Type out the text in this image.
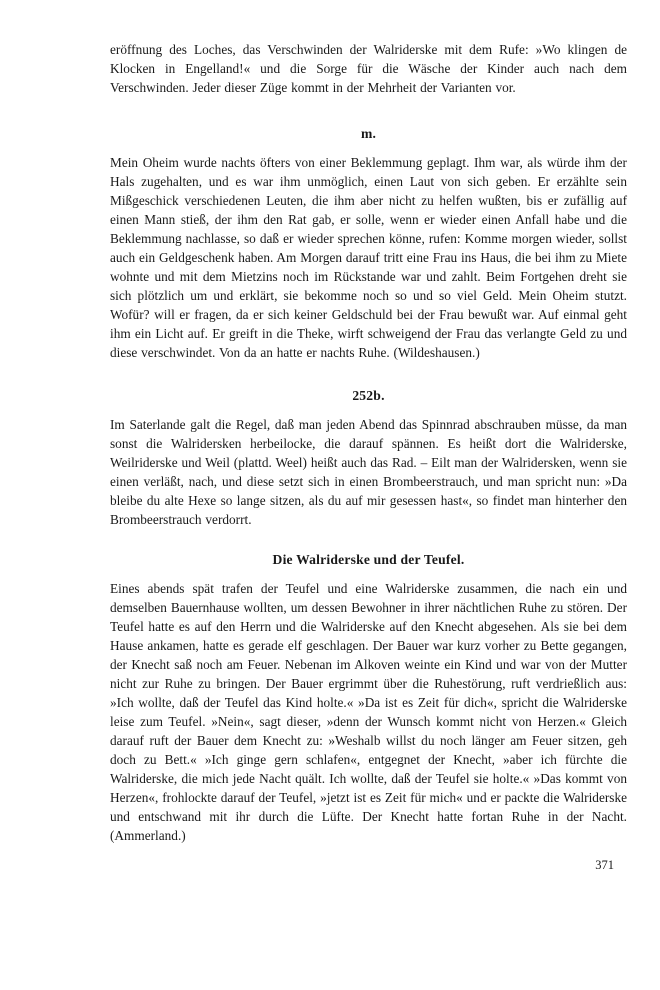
eröffnung des Loches, das Verschwinden der Walriderske mit dem Rufe: »Wo klingen de Klocken in Engelland!« und die Sorge für die Wäsche der Kinder auch nach dem Verschwinden. Jeder dieser Züge kommt in der Mehrheit der Varianten vor.

m.

Mein Oheim wurde nachts öfters von einer Beklemmung geplagt. Ihm war, als würde ihm der Hals zugehalten, und es war ihm unmöglich, einen Laut von sich geben. Er erzählte sein Mißgeschick verschiedenen Leuten, die ihm aber nicht zu helfen wußten, bis er zufällig auf einen Mann stieß, der ihm den Rat gab, er solle, wenn er wieder einen Anfall habe und die Beklemmung nachlasse, so daß er wieder sprechen könne, rufen: Komme morgen wieder, sollst auch ein Geldgeschenk haben. Am Morgen darauf tritt eine Frau ins Haus, die bei ihm zu Miete wohnte und mit dem Mietzins noch im Rückstande war und zahlt. Beim Fortgehen dreht sie sich plötzlich um und erklärt, sie bekomme noch so und so viel Geld. Mein Oheim stutzt. Wofür? will er fragen, da er sich keiner Geldschuld bei der Frau bewußt war. Auf einmal geht ihm ein Licht auf. Er greift in die Theke, wirft schweigend der Frau das verlangte Geld zu und diese verschwindet. Von da an hatte er nachts Ruhe. (Wildeshausen.)

252b.

Im Saterlande galt die Regel, daß man jeden Abend das Spinnrad abschrauben müsse, da man sonst die Walridersken herbeilocke, die darauf spännen. Es heißt dort die Walriderske, Weilriderske und Weil (plattd. Weel) heißt auch das Rad. – Eilt man der Walridersken, wenn sie einen verläßt, nach, und diese setzt sich in einen Brombeerstrauch, und man spricht nun: »Da bleibe du alte Hexe so lange sitzen, als du auf mir gesessen hast«, so findet man hinterher den Brombeerstrauch verdorrt.

Die Walriderske und der Teufel.

Eines abends spät trafen der Teufel und eine Walriderske zusammen, die nach ein und demselben Bauernhause wollten, um dessen Bewohner in ihrer nächtlichen Ruhe zu stören. Der Teufel hatte es auf den Herrn und die Walriderske auf den Knecht abgesehen. Als sie bei dem Hause ankamen, hatte es gerade elf geschlagen. Der Bauer war kurz vorher zu Bette gegangen, der Knecht saß noch am Feuer. Nebenan im Alkoven weinte ein Kind und war von der Mutter nicht zur Ruhe zu bringen. Der Bauer ergrimmt über die Ruhestörung, ruft verdrießlich aus: »Ich wollte, daß der Teufel das Kind holte.« »Da ist es Zeit für dich«, spricht die Walriderske leise zum Teufel. »Nein«, sagt dieser, »denn der Wunsch kommt nicht von Herzen.« Gleich darauf ruft der Bauer dem Knecht zu: »Weshalb willst du noch länger am Feuer sitzen, geh doch zu Bett.« »Ich ginge gern schlafen«, entgegnet der Knecht, »aber ich fürchte die Walriderske, die mich jede Nacht quält. Ich wollte, daß der Teufel sie holte.« »Das kommt von Herzen«, frohlockte darauf der Teufel, »jetzt ist es Zeit für mich« und er packte die Walriderske und entschwand mit ihr durch die Lüfte. Der Knecht hatte fortan Ruhe in der Nacht. (Ammerland.)

371
